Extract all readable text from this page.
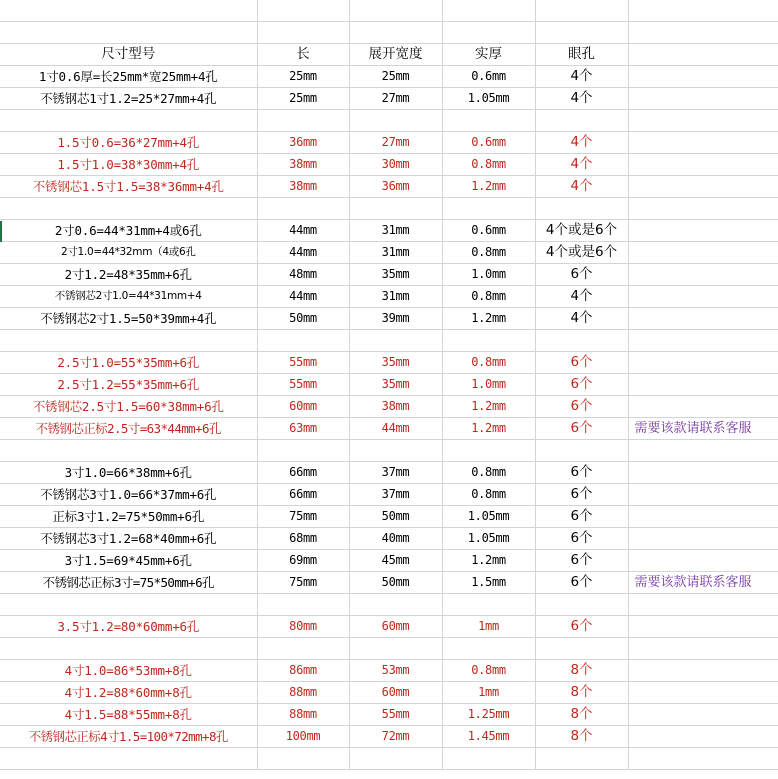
尺寸型号	长	展开宽度	实厚	眼孔	
1寸0.6厚=长25mm*宽25mm+4孔	25mm	25mm	0.6mm	4个	
不锈钢芯1寸1.2=25*27mm+4孔	25mm	27mm	1.05mm	4个	

1.5寸0.6=36*27mm+4孔	36mm	27mm	0.6mm	4个	
1.5寸1.0=38*30mm+4孔	38mm	30mm	0.8mm	4个	
不锈钢芯1.5寸1.5=38*36mm+4孔	38mm	36mm	1.2mm	4个	

2寸0.6=44*31mm+4或6孔	44mm	31mm	0.6mm	4个或是6个	
2寸1.0=44*32mm（4或6孔	44mm	31mm	0.8mm	4个或是6个	
2寸1.2=48*35mm+6孔	48mm	35mm	1.0mm	6个	
不锈钢芯2寸1.0=44*31mm+4	44mm	31mm	0.8mm	4个	
不锈钢芯2寸1.5=50*39mm+4孔	50mm	39mm	1.2mm	4个	

2.5寸1.0=55*35mm+6孔	55mm	35mm	0.8mm	6个	
2.5寸1.2=55*35mm+6孔	55mm	35mm	1.0mm	6个	
不锈钢芯2.5寸1.5=60*38mm+6孔	60mm	38mm	1.2mm	6个	
不锈钢芯正标2.5寸=63*44mm+6孔	63mm	44mm	1.2mm	6个	需要该款请联系客服

3寸1.0=66*38mm+6孔	66mm	37mm	0.8mm	6个	
不锈钢芯3寸1.0=66*37mm+6孔	66mm	37mm	0.8mm	6个	
正标3寸1.2=75*50mm+6孔	75mm	50mm	1.05mm	6个	
不锈钢芯3寸1.2=68*40mm+6孔	68mm	40mm	1.05mm	6个	
3寸1.5=69*45mm+6孔	69mm	45mm	1.2mm	6个	
不锈钢芯正标3寸=75*50mm+6孔	75mm	50mm	1.5mm	6个	需要该款请联系客服

3.5寸1.2=80*60mm+6孔	80mm	60mm	1mm	6个	

4寸1.0=86*53mm+8孔	86mm	53mm	0.8mm	8个	
4寸1.2=88*60mm+8孔	88mm	60mm	1mm	8个	
4寸1.5=88*55mm+8孔	88mm	55mm	1.25mm	8个	
不锈钢芯正标4寸1.5=100*72mm+8孔	100mm	72mm	1.45mm	8个	
